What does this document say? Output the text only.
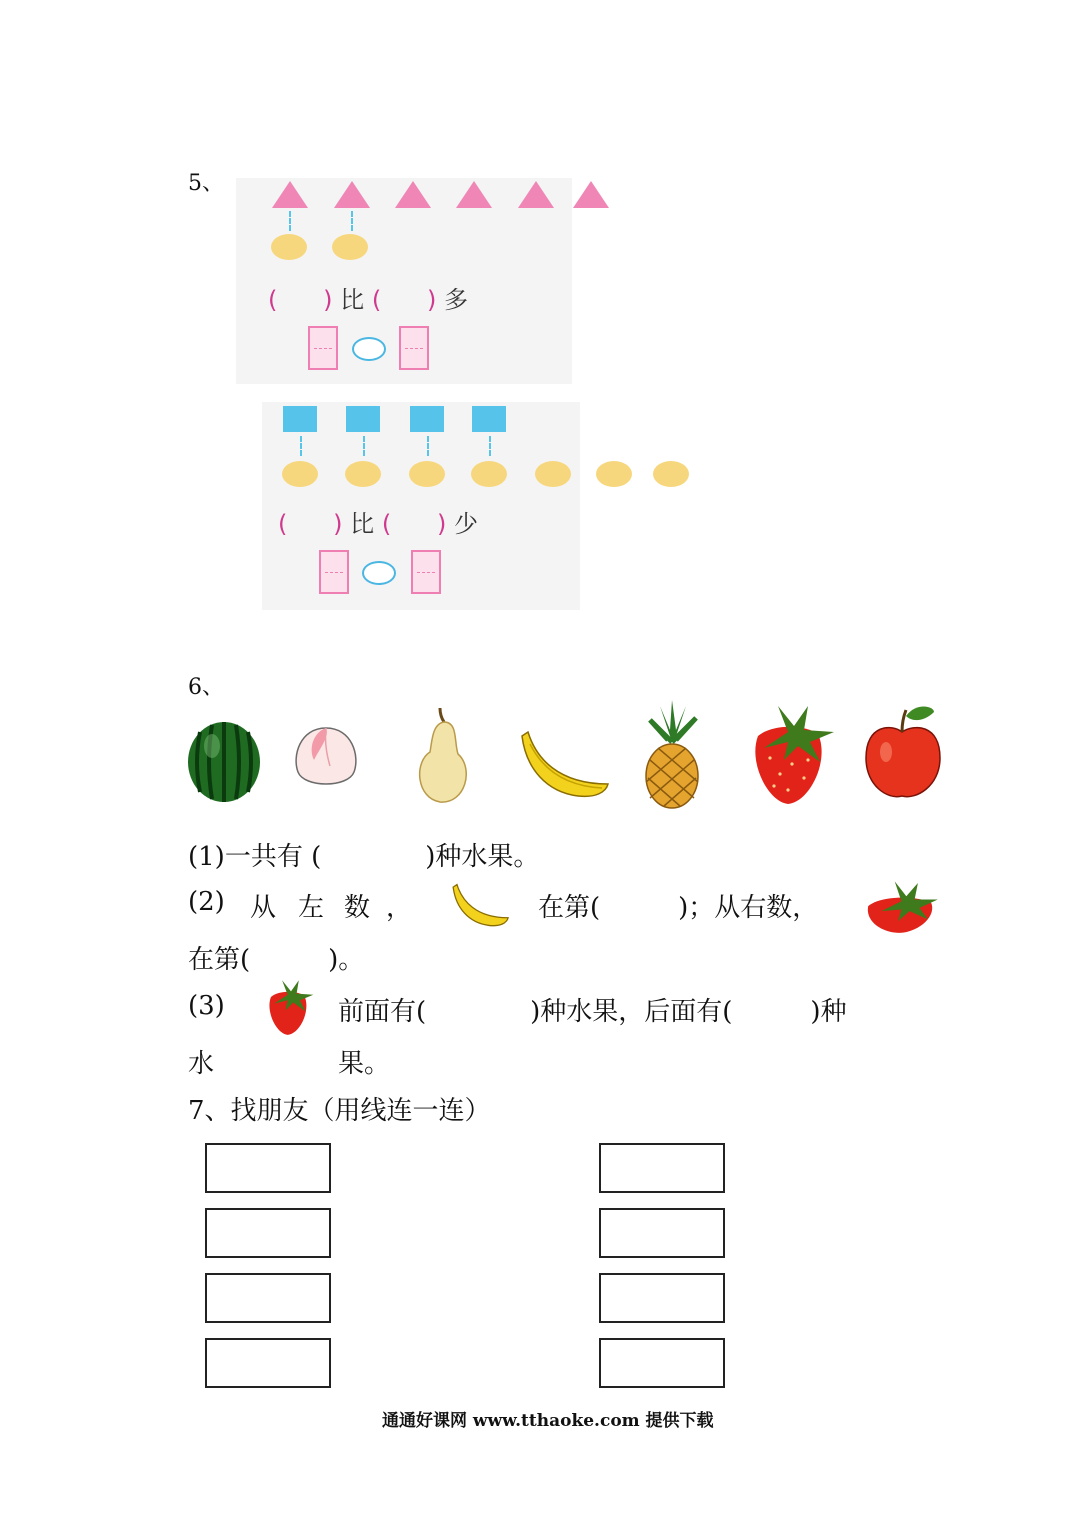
5、
( ) 比 ( ) 多
( ) 比 ( ) 少
6、
(1)一共有 (　　　　)种水果。
(2) 从 左 数 ，	在第(　　　)；从右数，
在第(　　　)。
(3)	前面有(　　　　)种水果，后面有(　　　)种
水	果。
7、找朋友（用线连一连）
通通好课网 www.tthaoke.com 提供下载
